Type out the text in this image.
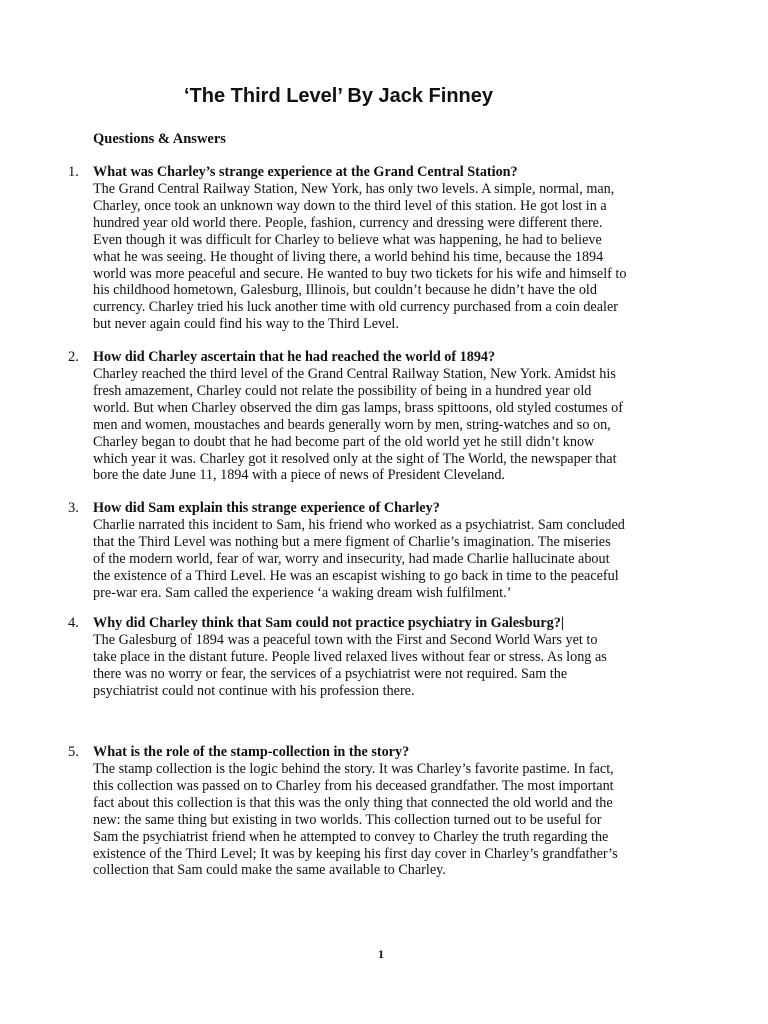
‘The Third Level’ By Jack Finney
Questions & Answers
1. What was Charley’s strange experience at the Grand Central Station?

The Grand Central Railway Station, New York, has only two levels. A simple, normal, man,

Charley, once took an unknown way down to the third level of this station. He got lost in a

hundred year old world there. People, fashion, currency and dressing were different there.

Even though it was difficult for Charley to believe what was happening, he had to believe

what he was seeing. He thought of living there, a world behind his time, because the 1894

world was more peaceful and secure. He wanted to buy two tickets for his wife and himself to

his childhood hometown, Galesburg, Illinois, but couldn’t because he didn’t have the old

currency. Charley tried his luck another time with old currency purchased from a coin dealer

but never again could find his way to the Third Level.

2. How did Charley ascertain that he had reached the world of 1894?

Charley reached the third level of the Grand Central Railway Station, New York. Amidst his

fresh amazement, Charley could not relate the possibility of being in a hundred year old

world. But when Charley observed the dim gas lamps, brass spittoons, old styled costumes of

men and women, moustaches and beards generally worn by men, string-watches and so on,

Charley began to doubt that he had become part of the old world yet he still didn’t know

which year it was. Charley got it resolved only at the sight of The World, the newspaper that

bore the date June 11, 1894 with a piece of news of President Cleveland.

3. How did Sam explain this strange experience of Charley?

Charlie narrated this incident to Sam, his friend who worked as a psychiatrist. Sam concluded

that the Third Level was nothing but a mere figment of Charlie’s imagination. The miseries

of the modern world, fear of war, worry and insecurity, had made Charlie hallucinate about

the existence of a Third Level. He was an escapist wishing to go back in time to the peaceful

pre-war era. Sam called the experience ‘a waking dream wish fulfilment.’

4. Why did Charley think that Sam could not practice psychiatry in Galesburg?|

The Galesburg of 1894 was a peaceful town with the First and Second World Wars yet to

take place in the distant future. People lived relaxed lives without fear or stress. As long as

there was no worry or fear, the services of a psychiatrist were not required. Sam the

psychiatrist could not continue with his profession there.

5. What is the role of the stamp-collection in the story?

The stamp collection is the logic behind the story. It was Charley’s favorite pastime. In fact,

this collection was passed on to Charley from his deceased grandfather. The most important

fact about this collection is that this was the only thing that connected the old world and the

new: the same thing but existing in two worlds. This collection turned out to be useful for

Sam the psychiatrist friend when he attempted to convey to Charley the truth regarding the

existence of the Third Level; It was by keeping his first day cover in Charley’s grandfather’s

collection that Sam could make the same available to Charley.

1
